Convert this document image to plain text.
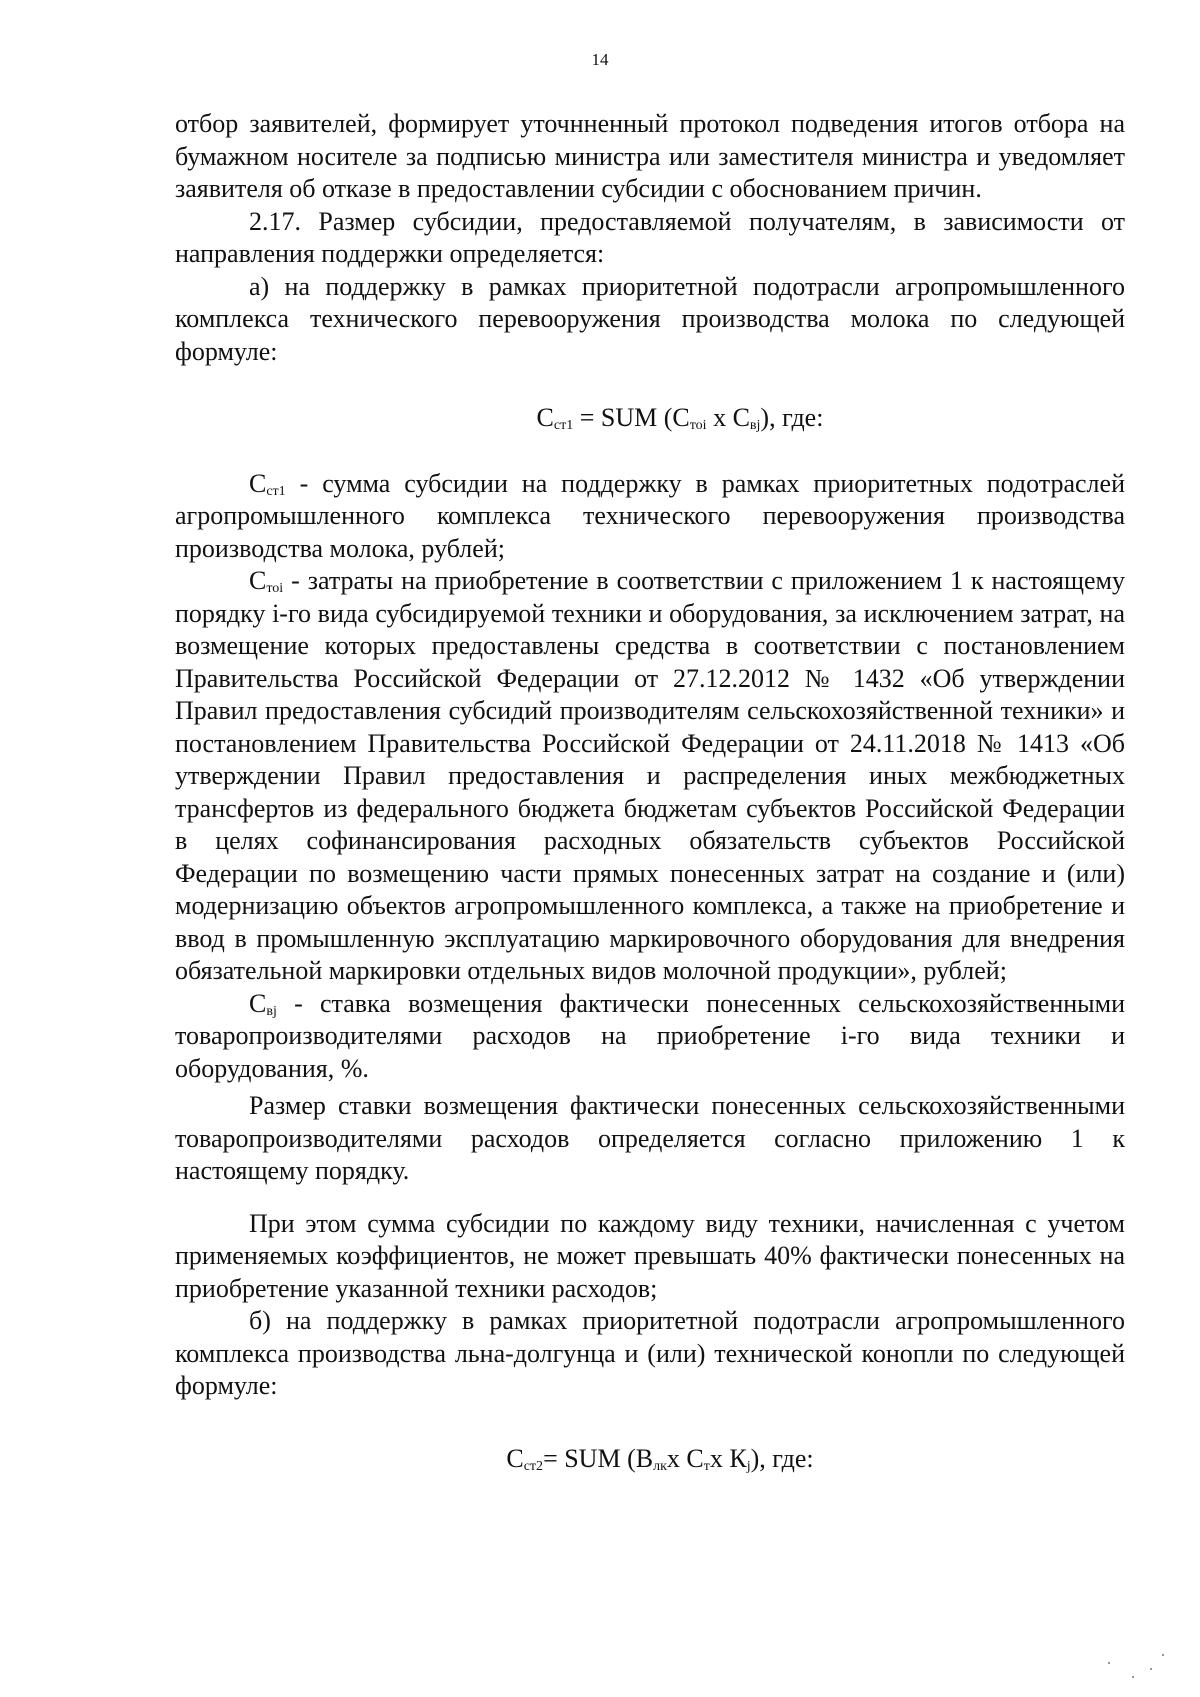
14

отбор заявителей, формирует уточнненный протокол подведения итогов отбора на бумажном носителе за подписью министра или заместителя министра и уведомляет заявителя об отказе в предоставлении субсидии с обоснованием причин.

2.17. Размер субсидии, предоставляемой получателям, в зависимости от направления поддержки определяется:

а) на поддержку в рамках приоритетной подотрасли агропромышленного комплекса технического перевооружения производства молока по следующей формуле:

$С_{ст1}$ = SUM ($С_{тоi}$ x $С_{вj}$), где:

$С_{ст1}$ - сумма субсидии на поддержку в рамках приоритетных подотраслей агропромышленного комплекса технического перевооружения производства производства молока, рублей;

$С_{тоi}$ - затраты на приобретение в соответствии с приложением 1 к настоящему порядку i-го вида субсидируемой техники и оборудования, за исключением затрат, на возмещение которых предоставлены средства в соответствии с постановлением Правительства Российской Федерации от 27.12.2012 № 1432 «Об утверждении Правил предоставления субсидий производителям сельскохозяйственной техники» и постановлением Правительства Российской Федерации от 24.11.2018 № 1413 «Об утверждении Правил предоставления и распределения иных межбюджетных трансфертов из федерального бюджета бюджетам субъектов Российской Федерации в целях софинансирования расходных обязательств субъектов Российской Федерации по возмещению части прямых понесенных затрат на создание и (или) модернизацию объектов агропромышленного комплекса, а также на приобретение и ввод в промышленную эксплуатацию маркировочного оборудования для внедрения обязательной маркировки отдельных видов молочной продукции», рублей;

$С_{вj}$ - ставка возмещения фактически понесенных сельскохозяйственными товаропроизводителями расходов на приобретение i-го вида техники и оборудования, %.

Размер ставки возмещения фактически понесенных сельскохозяйственными товаропроизводителями расходов определяется согласно приложению 1 к настоящему порядку.

При этом сумма субсидии по каждому виду техники, начисленная с учетом применяемых коэффициентов, не может превышать 40% фактически понесенных на приобретение указанной техники расходов;

б) на поддержку в рамках приоритетной подотрасли агропромышленного комплекса производства льна-долгунца и (или) технической конопли по следующей формуле:

$С_{ст2}=$ SUM ($В_{лк}x$ $С_тx$ $К_j$), где:
